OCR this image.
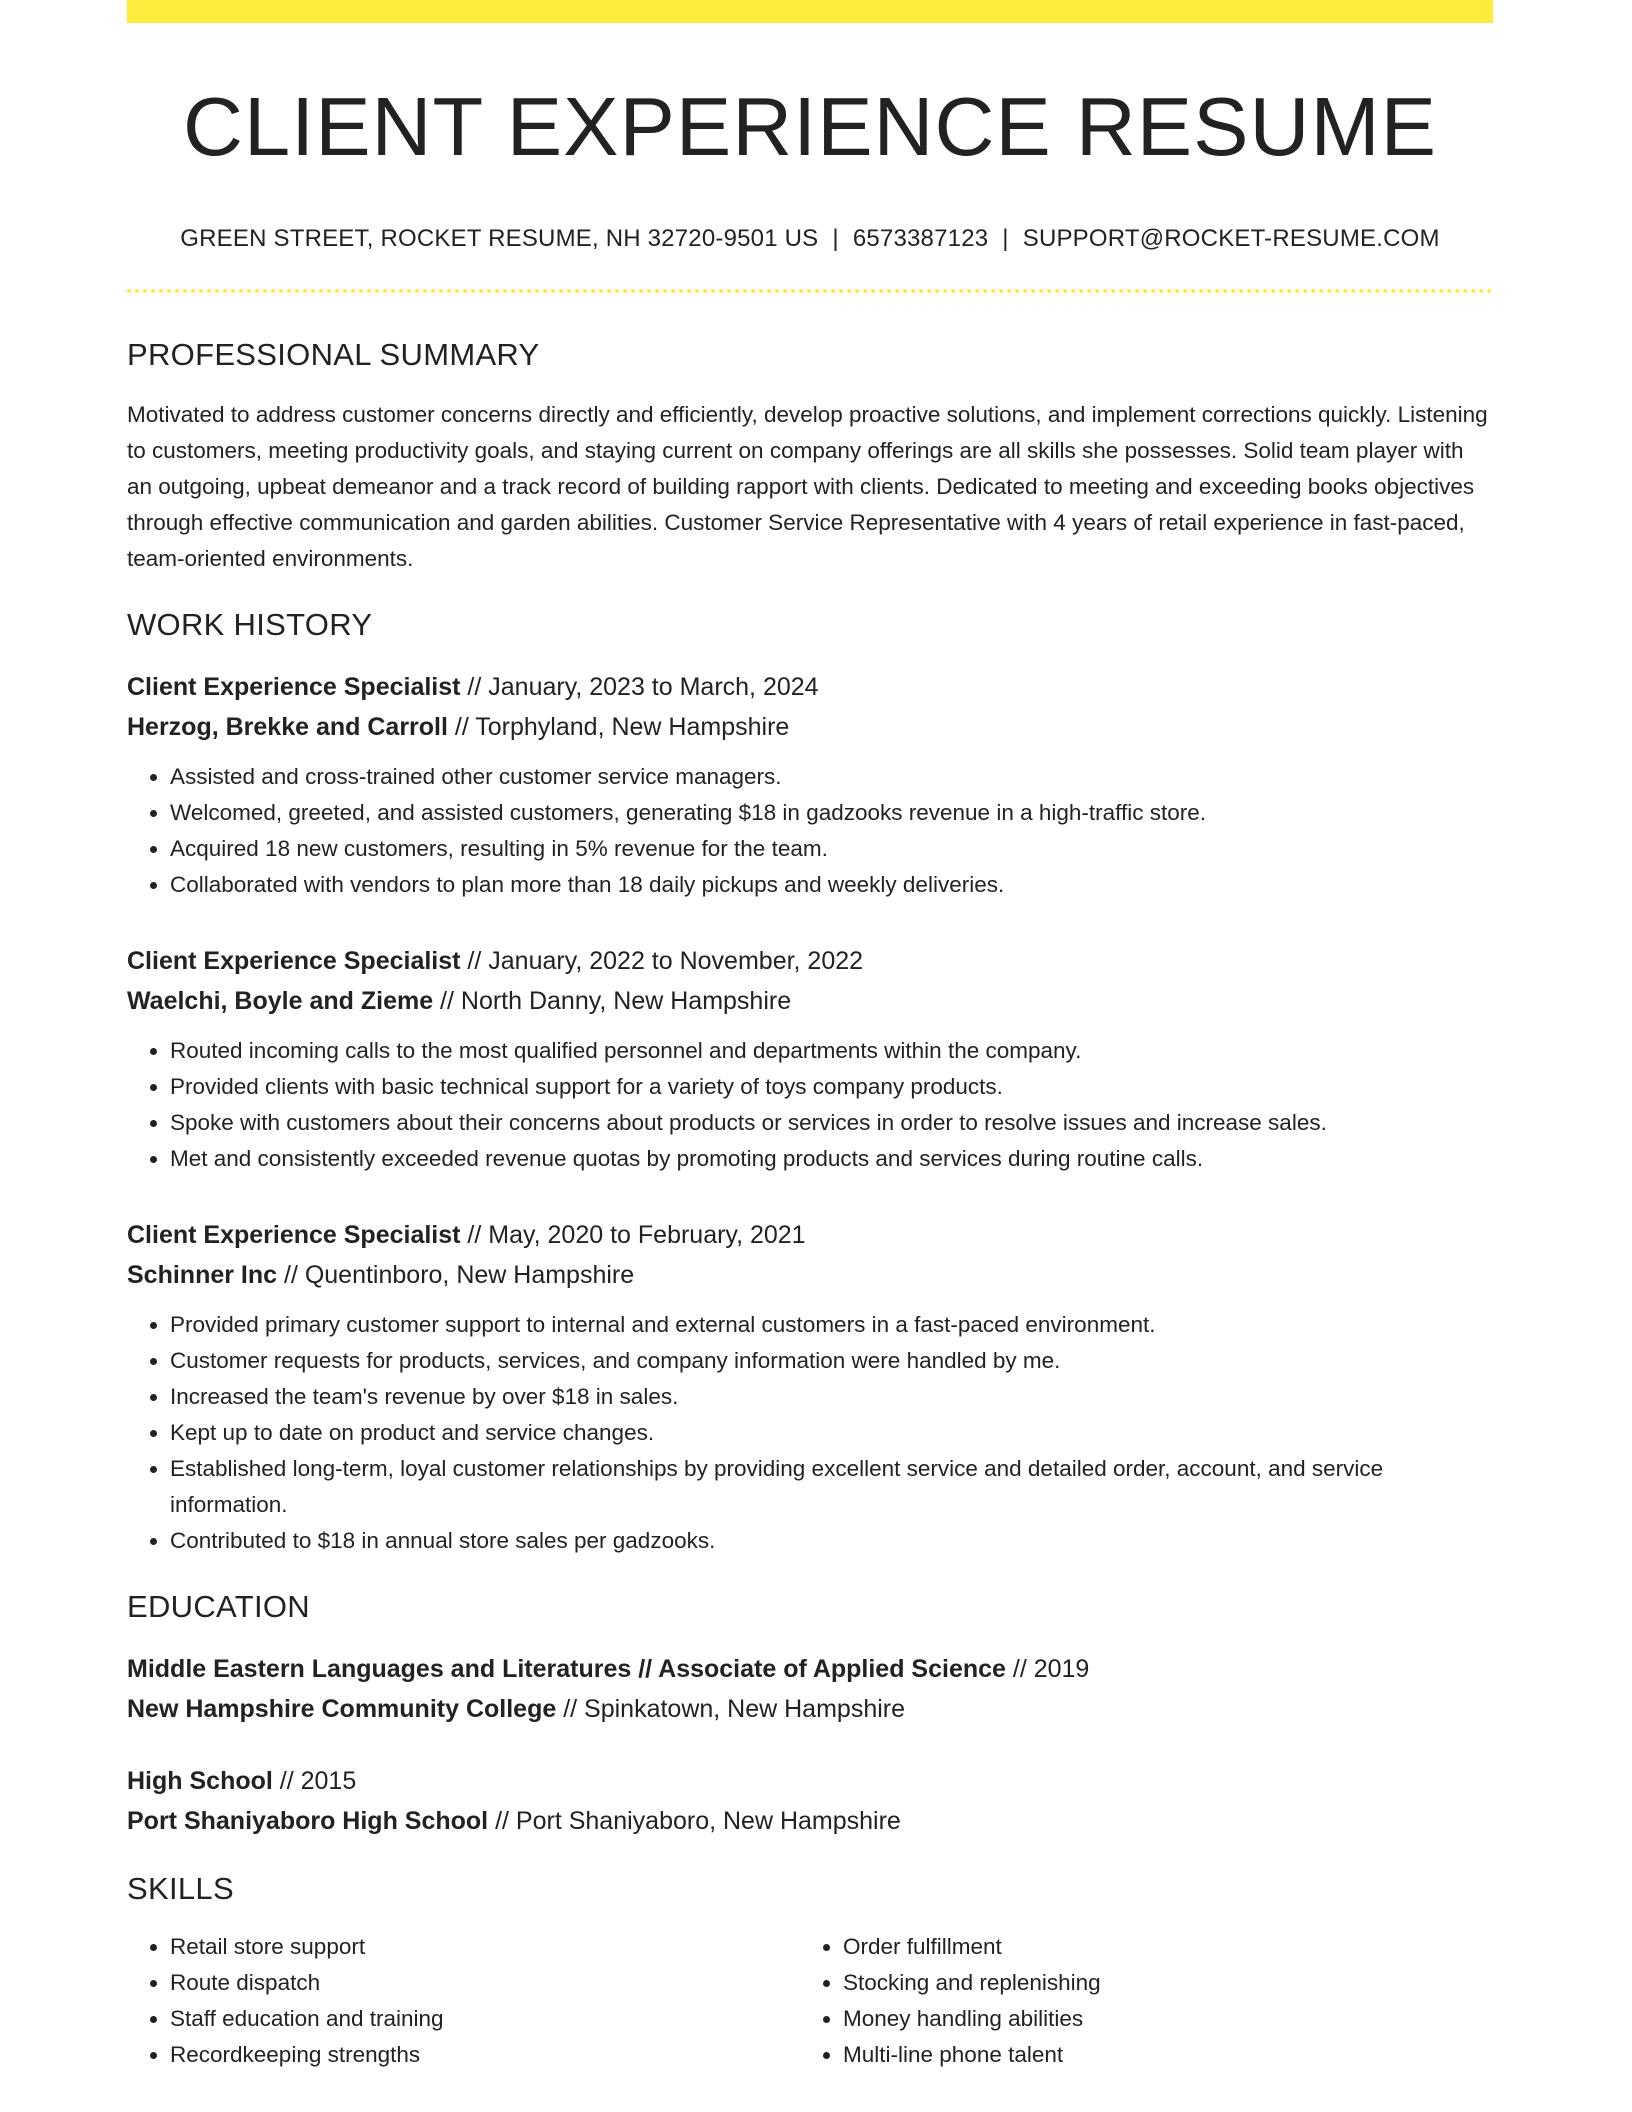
CLIENT EXPERIENCE RESUME
GREEN STREET, ROCKET RESUME, NH 32720-9501 US | 6573387123 | SUPPORT@ROCKET-RESUME.COM
PROFESSIONAL SUMMARY
Motivated to address customer concerns directly and efficiently, develop proactive solutions, and implement corrections quickly. Listening to customers, meeting productivity goals, and staying current on company offerings are all skills she possesses. Solid team player with an outgoing, upbeat demeanor and a track record of building rapport with clients. Dedicated to meeting and exceeding books objectives through effective communication and garden abilities. Customer Service Representative with 4 years of retail experience in fast-paced, team-oriented environments.
WORK HISTORY
Client Experience Specialist // January, 2023 to March, 2024
Herzog, Brekke and Carroll // Torphyland, New Hampshire
• Assisted and cross-trained other customer service managers.
• Welcomed, greeted, and assisted customers, generating $18 in gadzooks revenue in a high-traffic store.
• Acquired 18 new customers, resulting in 5% revenue for the team.
• Collaborated with vendors to plan more than 18 daily pickups and weekly deliveries.
Client Experience Specialist // January, 2022 to November, 2022
Waelchi, Boyle and Zieme // North Danny, New Hampshire
• Routed incoming calls to the most qualified personnel and departments within the company.
• Provided clients with basic technical support for a variety of toys company products.
• Spoke with customers about their concerns about products or services in order to resolve issues and increase sales.
• Met and consistently exceeded revenue quotas by promoting products and services during routine calls.
Client Experience Specialist // May, 2020 to February, 2021
Schinner Inc // Quentinboro, New Hampshire
• Provided primary customer support to internal and external customers in a fast-paced environment.
• Customer requests for products, services, and company information were handled by me.
• Increased the team's revenue by over $18 in sales.
• Kept up to date on product and service changes.
• Established long-term, loyal customer relationships by providing excellent service and detailed order, account, and service information.
• Contributed to $18 in annual store sales per gadzooks.
EDUCATION
Middle Eastern Languages and Literatures // Associate of Applied Science // 2019
New Hampshire Community College // Spinkatown, New Hampshire
High School // 2015
Port Shaniyaboro High School // Port Shaniyaboro, New Hampshire
SKILLS
• Retail store support
• Route dispatch
• Staff education and training
• Recordkeeping strengths
• Order fulfillment
• Stocking and replenishing
• Money handling abilities
• Multi-line phone talent
